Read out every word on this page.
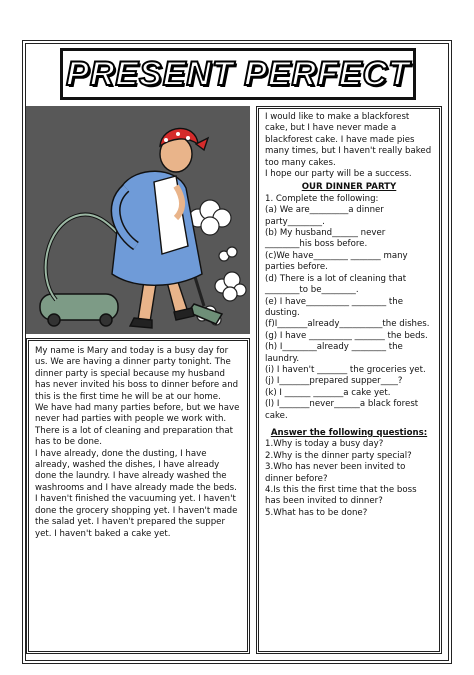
PRESENT PERFECT

My name is Mary and today is a busy day for us. We are having a dinner party tonight. The dinner party is special because my husband has never invited his boss to dinner before and this is the first time he will be at our home.

We have had many parties before, but we have never had parties with people we work with.

There is a lot of cleaning and preparation that has to be done.

I have already, done the dusting, I have already, washed the dishes, I have already done the laundry. I have already washed the washrooms and I have already made the beds.

I haven't finished the vacuuming yet. I haven't done the grocery shopping yet. I haven't made the salad yet. I haven't prepared the supper yet. I haven't baked a cake yet.

I would like to make a blackforest cake, but I have never made a blackforest cake. I have made pies many times, but I haven't really baked too many cakes.

I hope our party will be a success.

OUR DINNER PARTY

1. Complete the following:

(a) We are_________a dinner party________.

(b) My husband______ never ________his boss before.

(c)We have________ _______ many parties before.

(d) There is a lot of cleaning that ________to be________.

(e) I have__________ ________ the dusting.

(f)I_______already__________the dishes.

(g) I have __________ _______ the beds.

(h) I________already ________ the laundry.

(i) I haven't _______ the groceries yet.

(j) I_______prepared supper____?

(k) I ______ _______a cake yet.

(l) I_______never______a black forest cake.

Answer the following questions:

1.Why is today a busy day?

2.Why is the dinner party special?

3.Who has never been invited to dinner before?

4.Is this the first time that the boss has been invited to dinner?

5.What has to be done?
